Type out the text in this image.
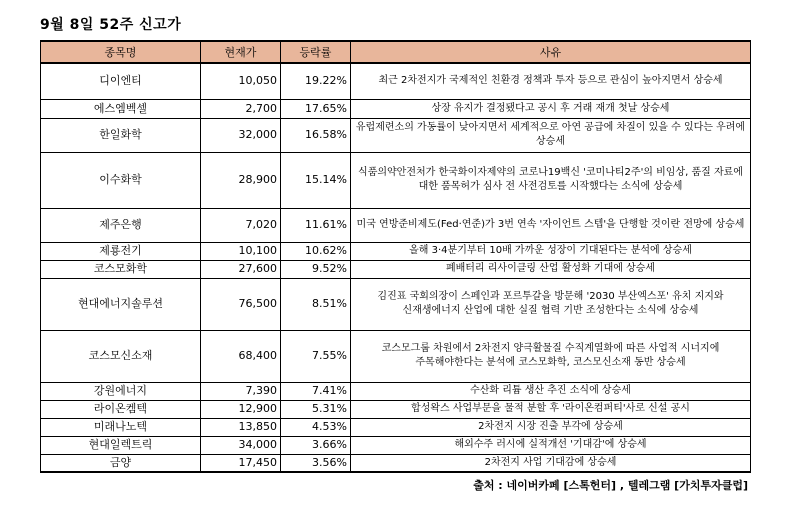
9월 8일 52주 신고가
종목명	현재가	등락률	사유
디이엔티	10,050	19.22%	최근 2차전지가 국제적인 친환경 정책과 투자 등으로 관심이 높아지면서 상승세
에스엠벡셀	2,700	17.65%	상장 유지가 결정됐다고 공시 후 거래 재개 첫날 상승세
한일화학	32,000	16.58%	유럽제련소의 가동률이 낮아지면서 세계적으로 아연 공급에 차질이 있을 수 있다는 우려에 상승세
이수화학	28,900	15.14%	식품의약안전처가 한국화이자제약의 코로나19백신 '코미나티2주'의 비임상, 품질 자료에 대한 품목허가 심사 전 사전검토를 시작했다는 소식에 상승세
제주은행	7,020	11.61%	미국 연방준비제도(Fed·연준)가 3번 연속 '자이언트 스텝'을 단행할 것이란 전망에 상승세
제룡전기	10,100	10.62%	올해 3·4분기부터 10배 가까운 성장이 기대된다는 분석에 상승세
코스모화학	27,600	9.52%	폐배터리 리사이클링 산업 활성화 기대에 상승세
현대에너지솔루션	76,500	8.51%	김진표 국회의장이 스페인과 포르투갈을 방문해 '2030 부산엑스포' 유치 지지와 신재생에너지 산업에 대한 실질 협력 기반 조성한다는 소식에 상승세
코스모신소재	68,400	7.55%	코스모그룹 차원에서 2차전지 양극활물질 수직계열화에 따른 사업적 시너지에 주목해야한다는 분석에 코스모화학, 코스모신소재 동반 상승세
강원에너지	7,390	7.41%	수산화 리튬 생산 추진 소식에 상승세
라이온켐텍	12,900	5.31%	합성왁스 사업부문을 물적 분할 후 '라이온컴퍼티'사로 신설 공시
미래나노텍	13,850	4.53%	2차전지 시장 진출 부각에 상승세
현대일렉트릭	34,000	3.66%	해외수주 러시에 실적개선 '기대감'에 상승세
금양	17,450	3.56%	2차전지 사업 기대감에 상승세
출처 : 네이버카페 [스톡헌터] , 텔레그램 [가치투자클럽]
